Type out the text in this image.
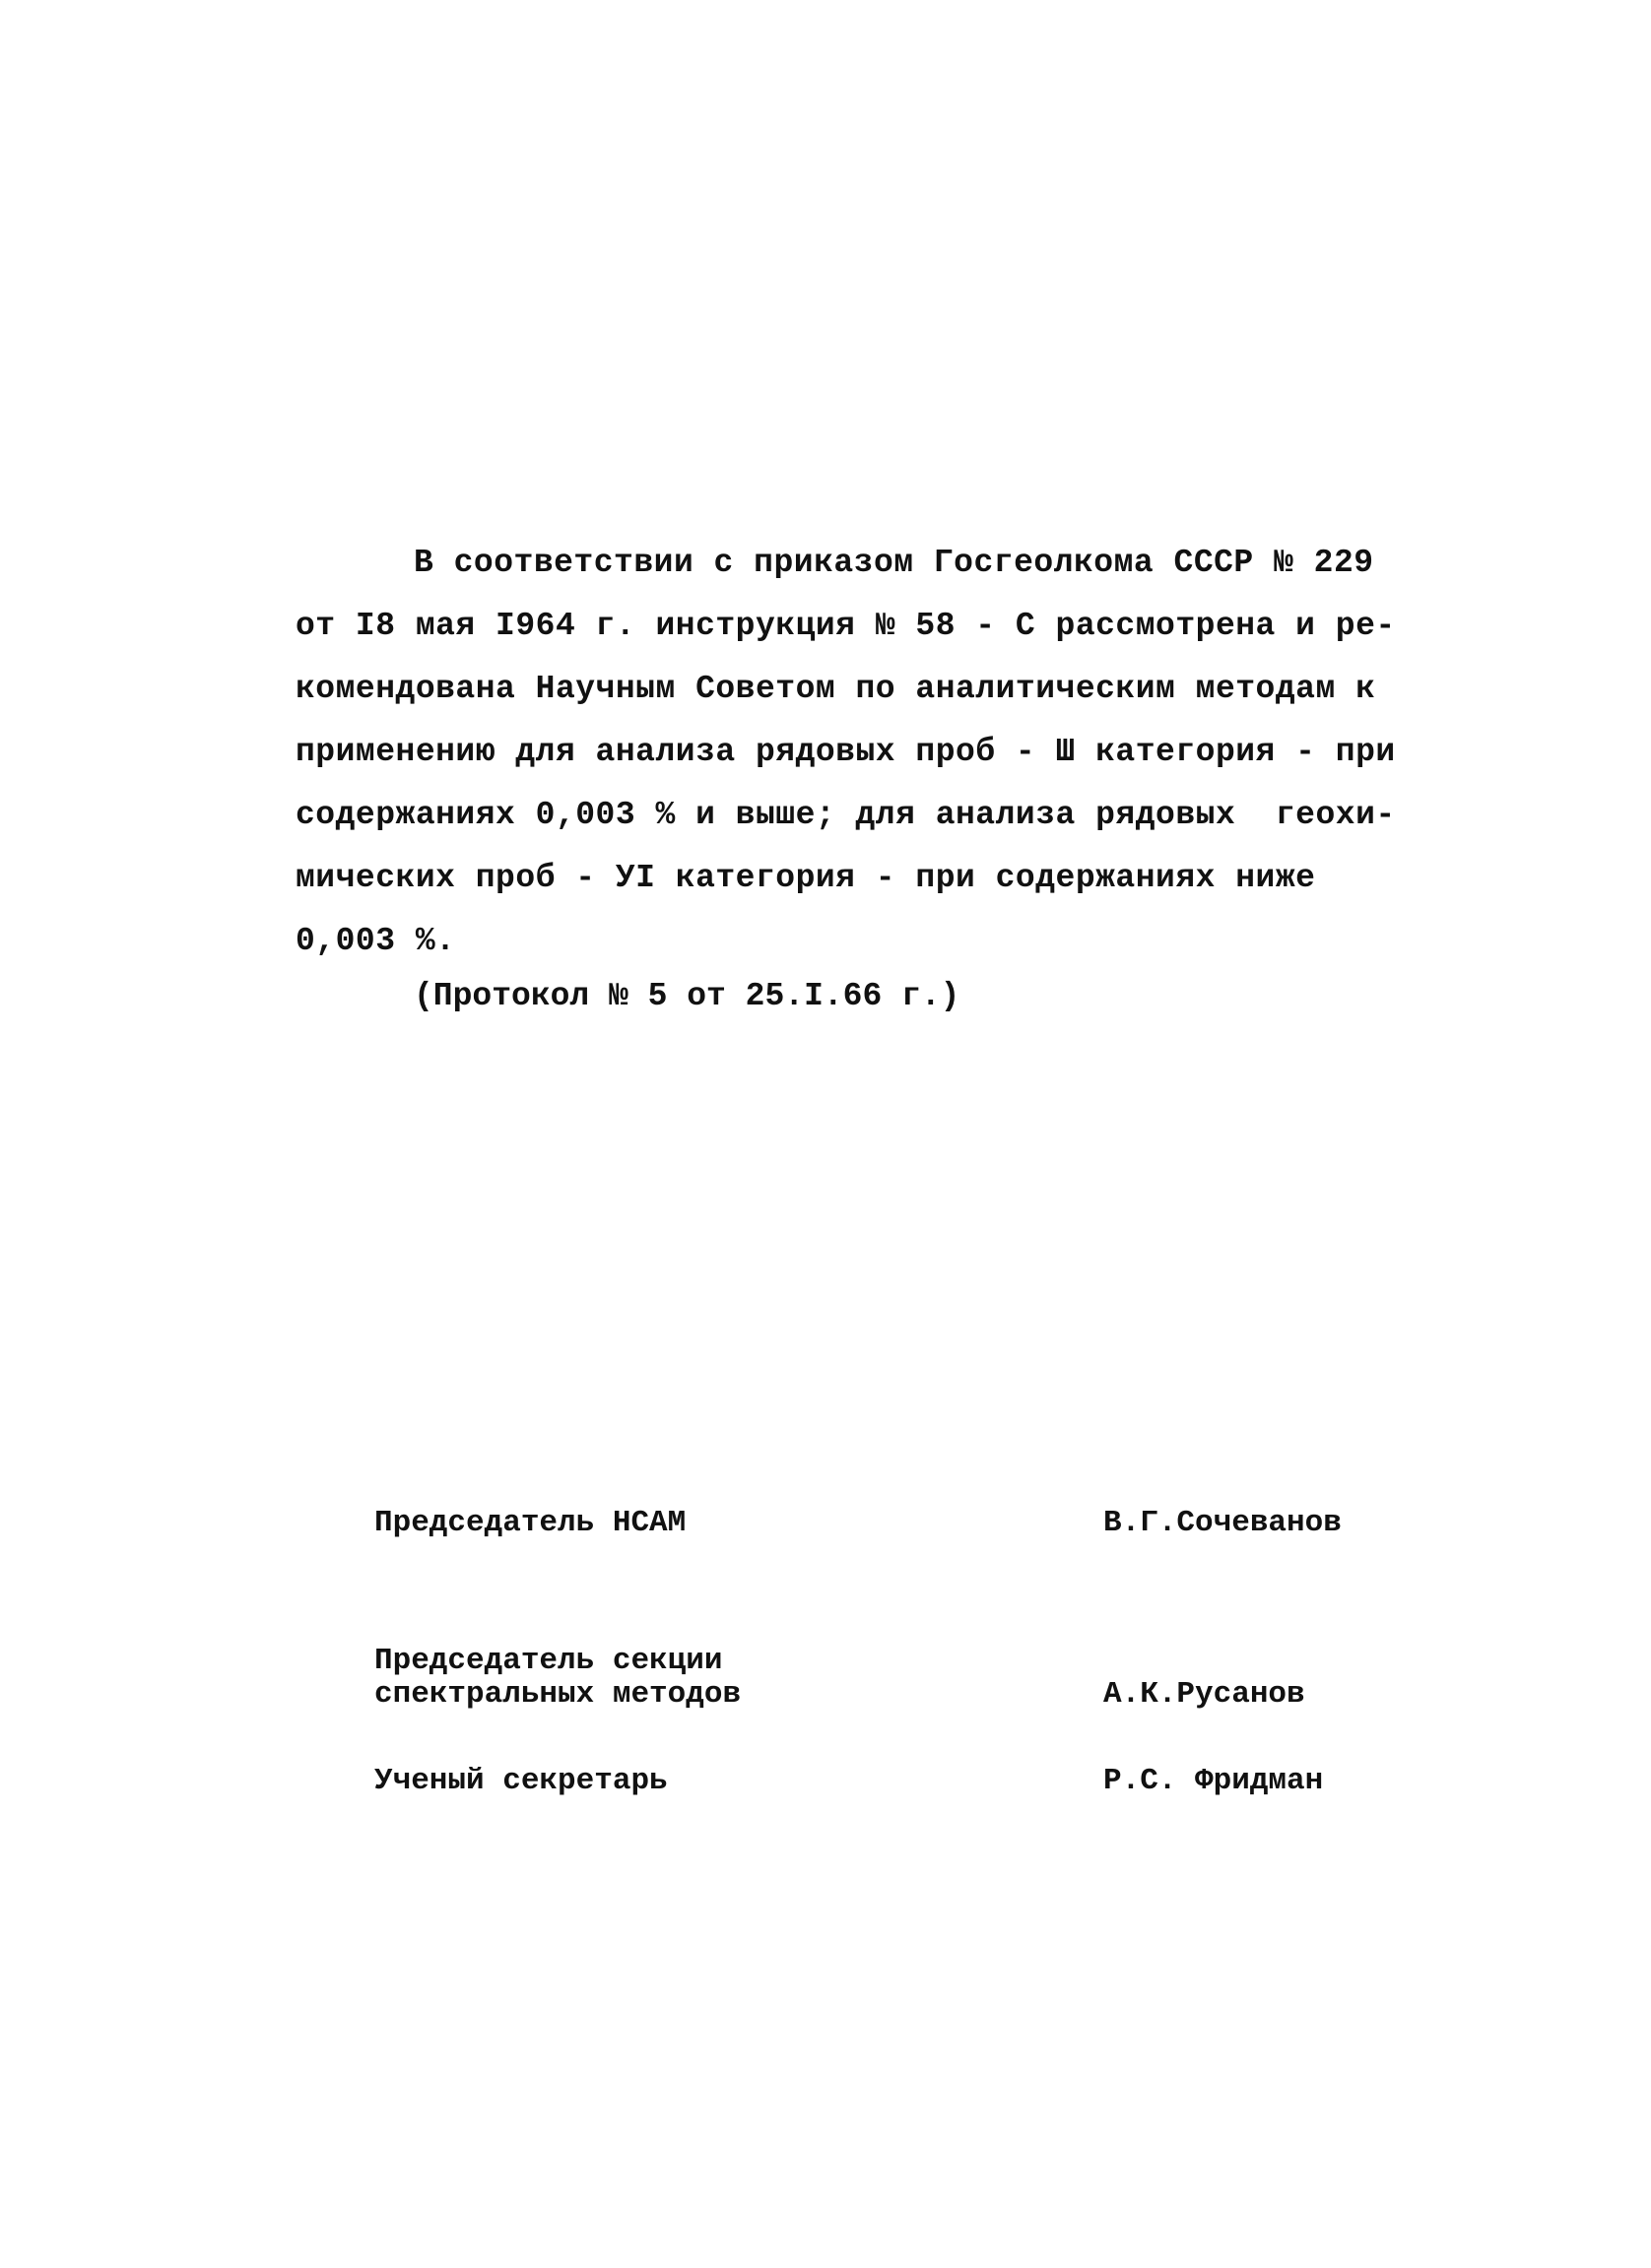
В соответствии с приказом Госгеолкома СССР № 229
от I8 мая I964 г. инструкция № 58 - С рассмотрена и ре-
комендована Научным Советом по аналитическим методам к
применению для анализа рядовых проб - Ш категория - при
содержаниях 0,003 % и выше; для анализа рядовых  геохи-
мических проб - УI категория - при содержаниях ниже
0,003 %.
(Протокол № 5 от 25.I.66 г.)
Председатель НСАМ	В.Г.Сочеванов
Председатель секции
спектральных методов	А.К.Русанов
Ученый секретарь	Р.С. Фридман
